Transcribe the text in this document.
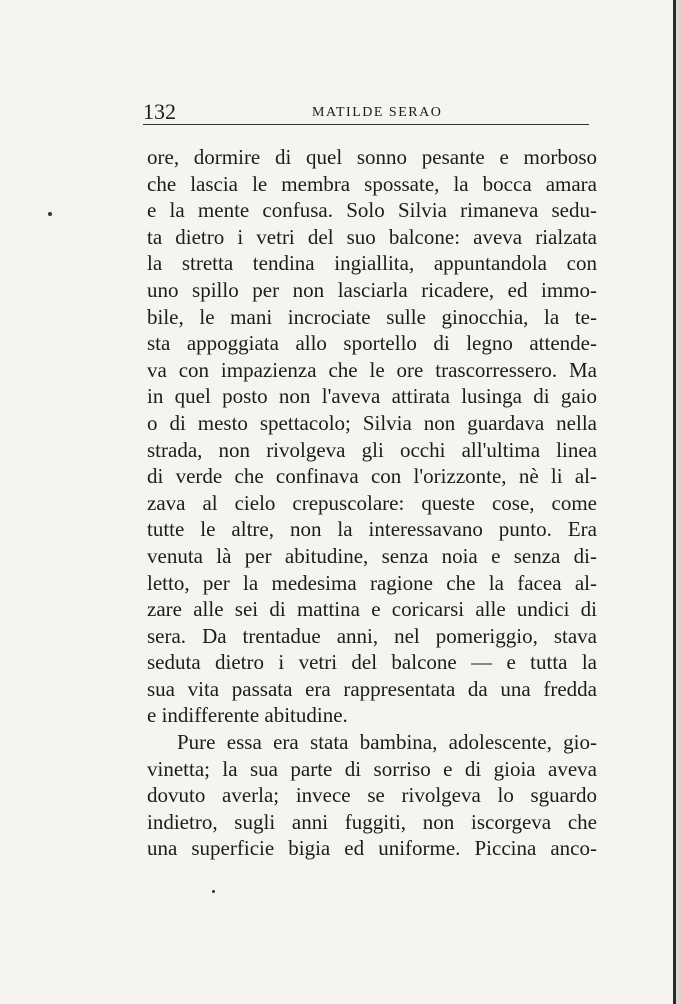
132	MATILDE SERAO
ore, dormire di quel sonno pesante e morboso
che lascia le membra spossate, la bocca amara
e la mente confusa. Solo Silvia rimaneva sedu-
ta dietro i vetri del suo balcone: aveva rialzata
la stretta tendina ingiallita, appuntandola con
uno spillo per non lasciarla ricadere, ed immo-
bile, le mani incrociate sulle ginocchia, la te-
sta appoggiata allo sportello di legno attende-
va con impazienza che le ore trascorressero. Ma
in quel posto non l'aveva attirata lusinga di gaio
o di mesto spettacolo; Silvia non guardava nella
strada, non rivolgeva gli occhi all'ultima linea
di verde che confinava con l'orizzonte, nè li al-
zava al cielo crepuscolare: queste cose, come
tutte le altre, non la interessavano punto. Era
venuta là per abitudine, senza noia e senza di-
letto, per la medesima ragione che la facea al-
zare alle sei di mattina e coricarsi alle undici di
sera. Da trentadue anni, nel pomeriggio, stava
seduta dietro i vetri del balcone — e tutta la
sua vita passata era rappresentata da una fredda
e indifferente abitudine.
Pure essa era stata bambina, adolescente, gio-
vinetta; la sua parte di sorriso e di gioia aveva
dovuto averla; invece se rivolgeva lo sguardo
indietro, sugli anni fuggiti, non iscorgeva che
una superficie bigia ed uniforme. Piccina anco-
